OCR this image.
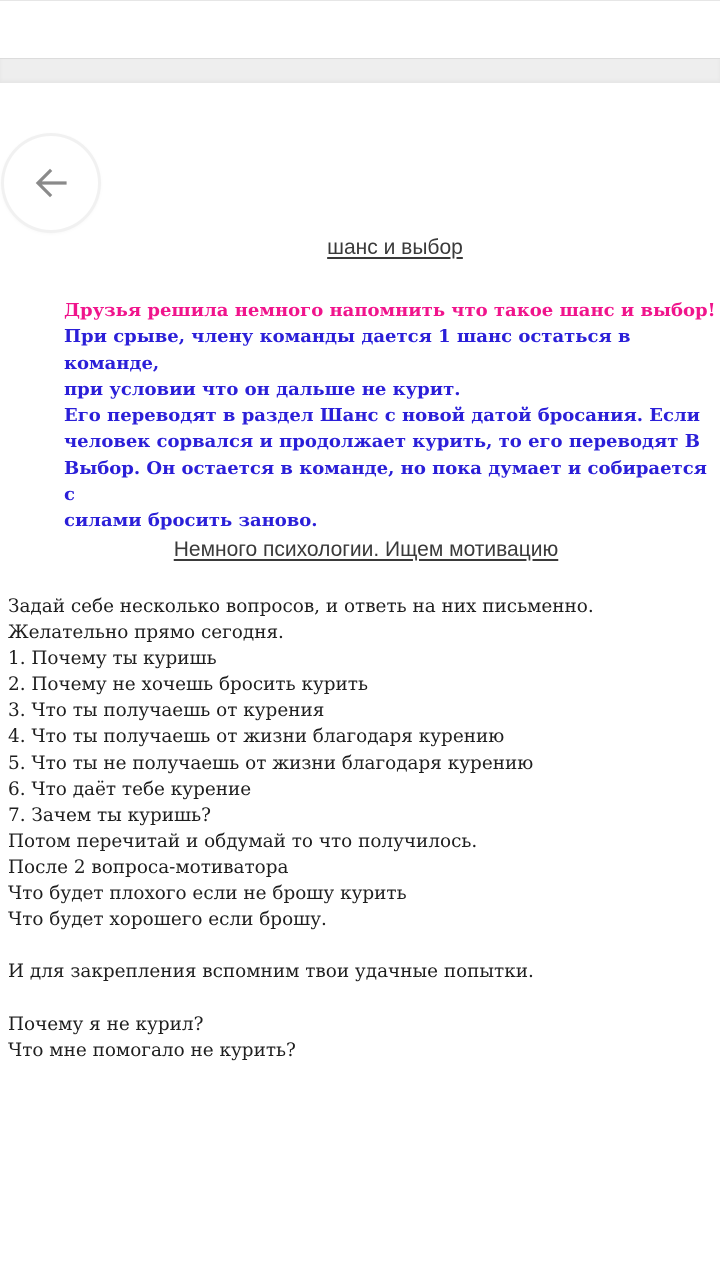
шанс и выбор
Друзья решила немного напомнить что такое шанс и выбор!
При срыве, члену команды дается 1 шанс остаться в команде,
при условии что он дальше не курит.
Его переводят в раздел Шанс с новой датой бросания. Если
человек сорвался и продолжает курить, то его переводят В
Выбор. Он остается в команде, но пока думает и собирается с
силами бросить заново.
Немного психологии. Ищем мотивацию
Задай себе несколько вопросов, и ответь на них письменно.
Желательно прямо сегодня.
1. Почему ты куришь
2. Почему не хочешь бросить курить
3. Что ты получаешь от курения
4. Что ты получаешь от жизни благодаря курению
5. Что ты не получаешь от жизни благодаря курению
6. Что даёт тебе курение
7. Зачем ты куришь?
Потом перечитай и обдумай то что получилось.
После 2 вопроса-мотиватора
Что будет плохого если не брошу курить
Что будет хорошего если брошу.
И для закрепления вспомним твои удачные попытки.
Почему я не курил?
Что мне помогало не курить?
